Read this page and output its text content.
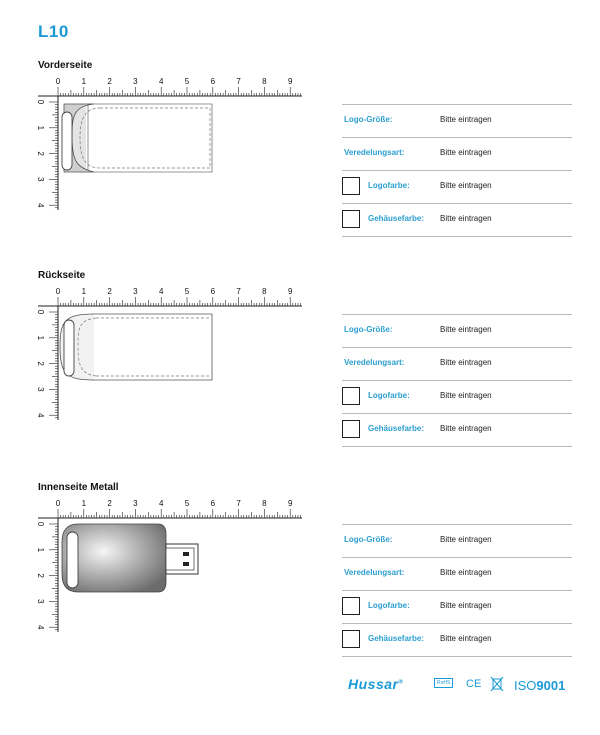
L10
Vorderseite
0	1	2	3	4	5	6	7	8	9
0
1
2
3
4
Logo-Größe:	Bitte eintragen
Veredelungsart:	Bitte eintragen
Logofarbe:	Bitte eintragen
Gehäusefarbe: Bitte eintragen
Rückseite
0	1	2	3	4	5	6	7	8	9
0
1
2
3
4
Logo-Größe:	Bitte eintragen
Veredelungsart:	Bitte eintragen
Logofarbe:	Bitte eintragen
Gehäusefarbe: Bitte eintragen
Innenseite Metall
0	1	2	3	4	5	6	7	8	9
0
1
2
3
4
Logo-Größe:	Bitte eintragen
Veredelungsart:	Bitte eintragen
Logofarbe:	Bitte eintragen
Gehäusefarbe: Bitte eintragen
Hussar®	RoHS CE	ISO9001
